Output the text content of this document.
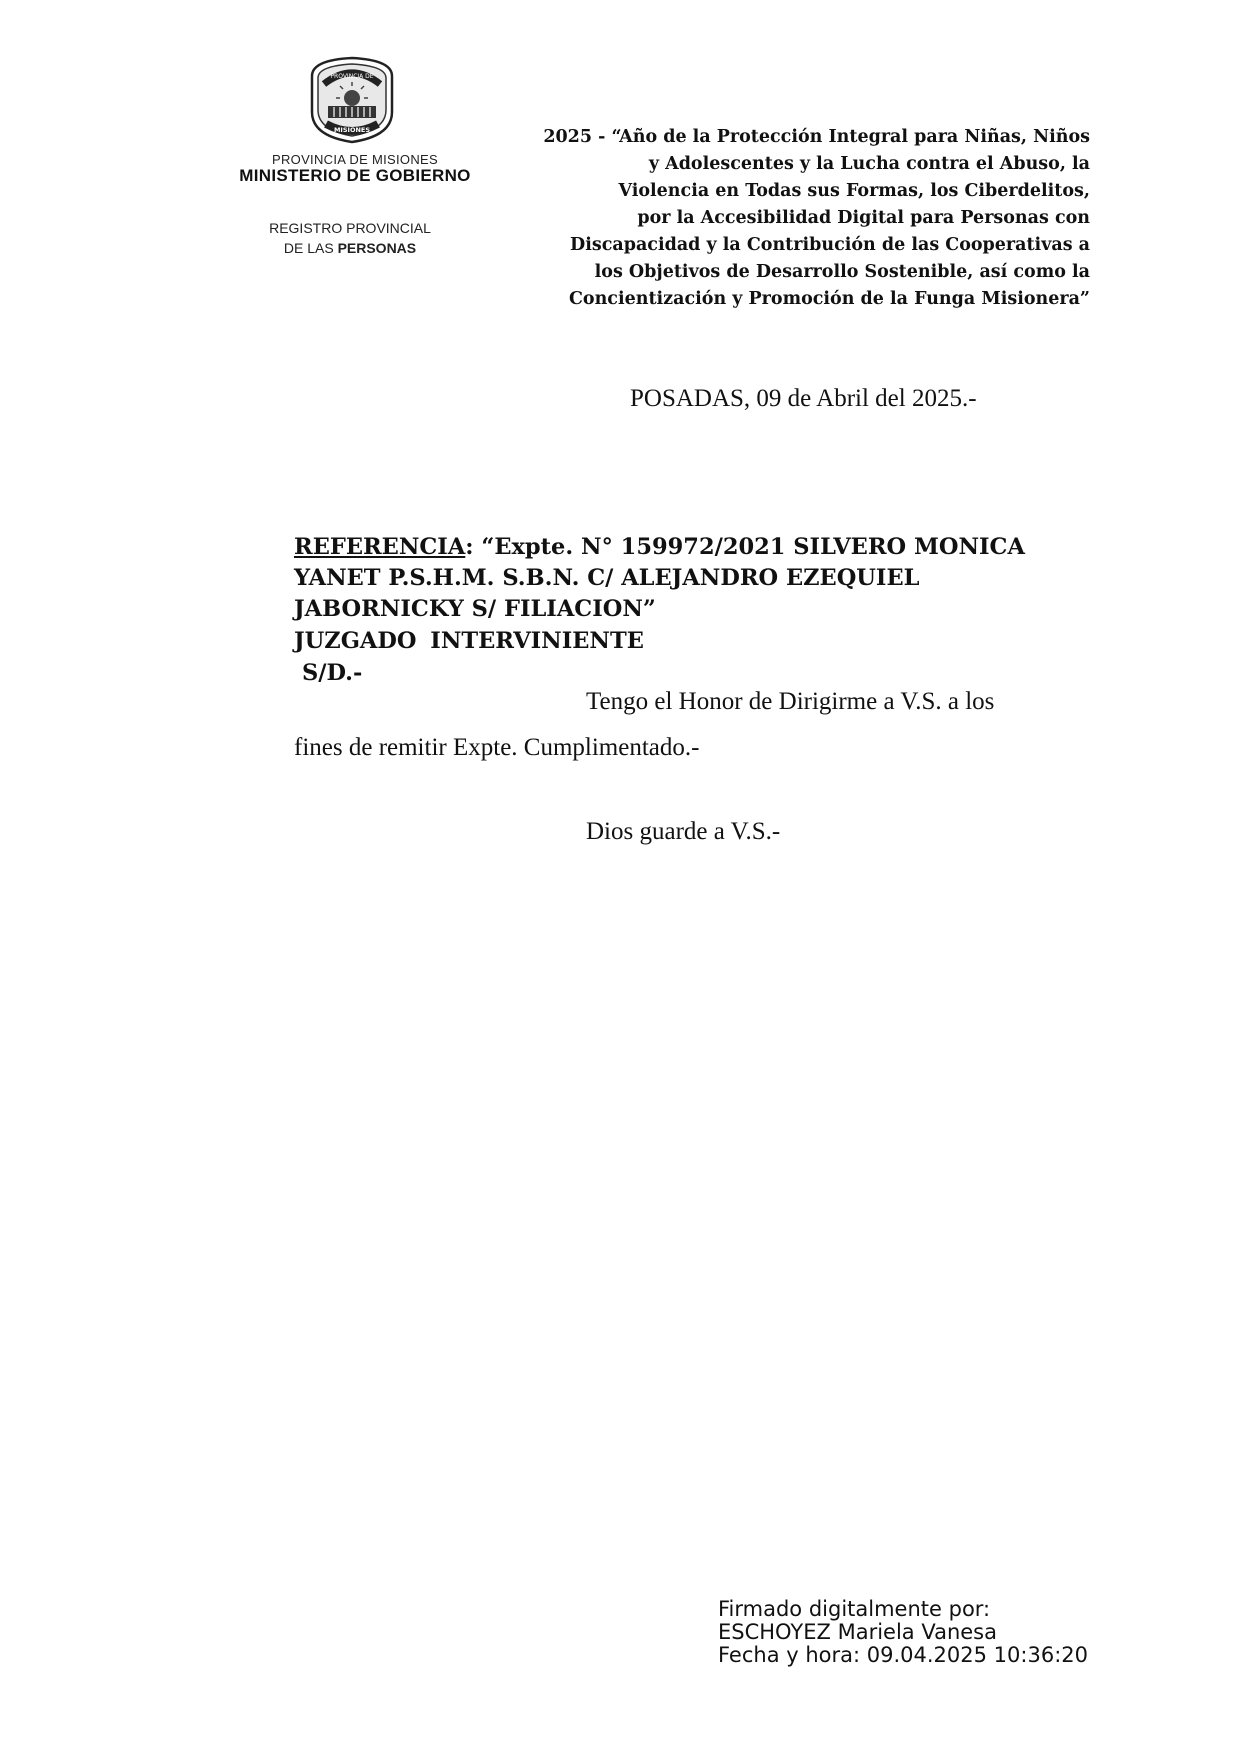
PROVINCIA DE
MISIONES
PROVINCIA DE MISIONES
MINISTERIO DE GOBIERNO
REGISTRO PROVINCIAL
DE LAS PERSONAS
2025 - “Año de la Protección Integral para Niñas, Niños
y Adolescentes y la Lucha contra el Abuso, la
Violencia en Todas sus Formas, los Ciberdelitos,
por la Accesibilidad Digital para Personas con
Discapacidad y la Contribución de las Cooperativas a
los Objetivos de Desarrollo Sostenible, así como la
Concientización y Promoción de la Funga Misionera”
POSADAS, 09 de Abril del 2025.-
REFERENCIA: “Expte. N° 159972/2021 SILVERO MONICA
YANET P.S.H.M. S.B.N. C/ ALEJANDRO EZEQUIEL
JABORNICKY S/ FILIACION”
JUZGADO INTERVINIENTE
S/D.-
Tengo el Honor de Dirigirme a V.S. a los
fines de remitir Expte. Cumplimentado.-
Dios guarde a V.S.-
Firmado digitalmente por:
ESCHOYEZ Mariela Vanesa
Fecha y hora: 09.04.2025 10:36:20
